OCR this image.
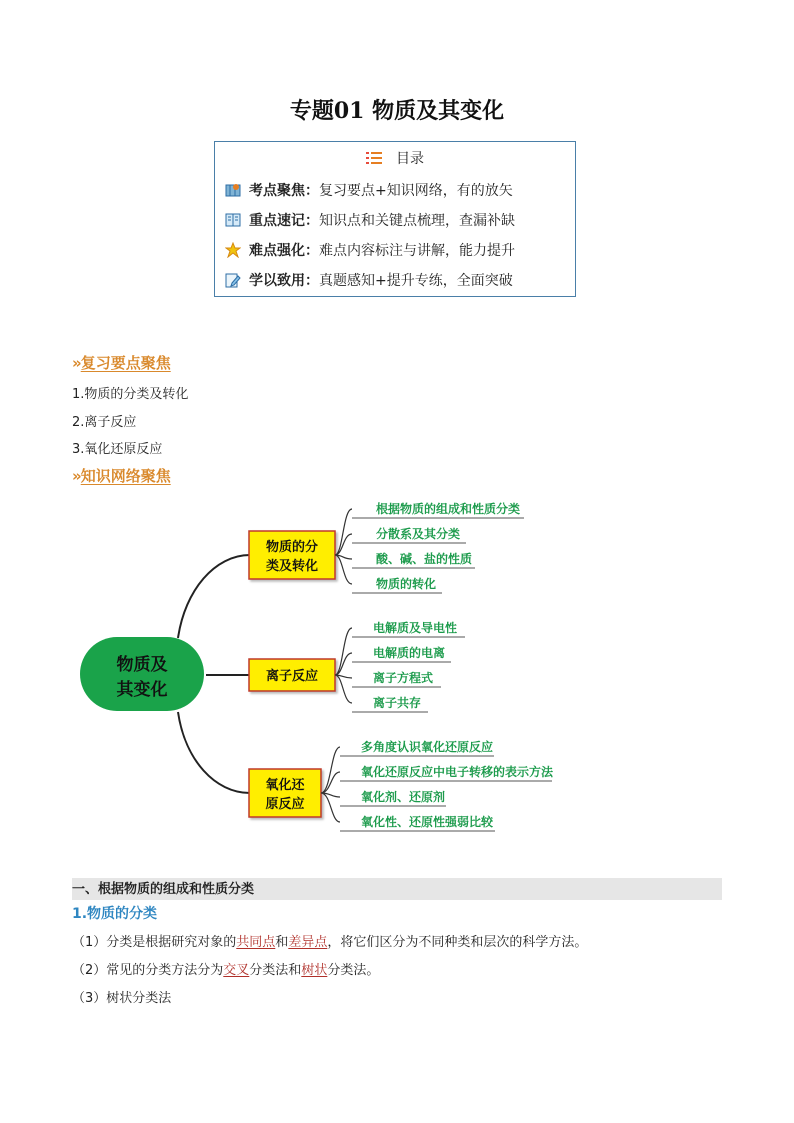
专题01 物质及其变化
目录
考点聚焦：复习要点+知识网络，有的放矢
重点速记：知识点和关键点梳理，查漏补缺
难点强化：难点内容标注与讲解，能力提升
学以致用：真题感知+提升专练，全面突破
» 复习要点聚焦
1.物质的分类及转化
2.离子反应
3.氧化还原反应
» 知识网络聚焦
物质及
其变化
物质的分
类及转化
根据物质的组成和性质分类
分散系及其分类
酸、碱、盐的性质
物质的转化
离子反应
电解质及导电性
电解质的电离
离子方程式
离子共存
氧化还
原反应
多角度认识氧化还原反应
氧化还原反应中电子转移的表示方法
氧化剂、还原剂
氧化性、还原性强弱比较
一、根据物质的组成和性质分类
1.物质的分类
（1）分类是根据研究对象的共同点和差异点，将它们区分为不同种类和层次的科学方法。
（2）常见的分类方法分为交叉分类法和树状分类法。
（3）树状分类法
